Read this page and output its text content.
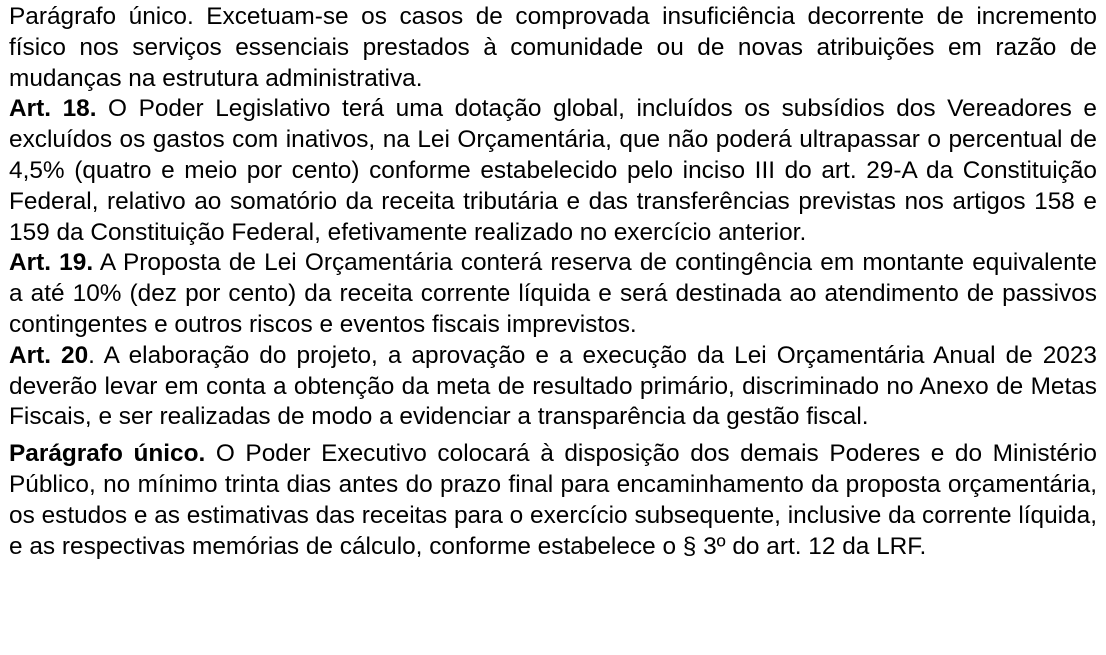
Parágrafo único. Excetuam-se os casos de comprovada insuficiência decorrente de incremento físico nos serviços essenciais prestados à comunidade ou de novas atribuições em razão de mudanças na estrutura administrativa.

Art. 18. O Poder Legislativo terá uma dotação global, incluídos os subsídios dos Vereadores e excluídos os gastos com inativos, na Lei Orçamentária, que não poderá ultrapassar o percentual de 4,5% (quatro e meio por cento) conforme estabelecido pelo inciso III do art. 29-A da Constituição Federal, relativo ao somatório da receita tributária e das transferências previstas nos artigos 158 e 159 da Constituição Federal, efetivamente realizado no exercício anterior.

Art. 19. A Proposta de Lei Orçamentária conterá reserva de contingência em montante equivalente a até 10% (dez por cento) da receita corrente líquida e será destinada ao atendimento de passivos contingentes e outros riscos e eventos fiscais imprevistos.

Art. 20. A elaboração do projeto, a aprovação e a execução da Lei Orçamentária Anual de 2023 deverão levar em conta a obtenção da meta de resultado primário, discriminado no Anexo de Metas Fiscais, e ser realizadas de modo a evidenciar a transparência da gestão fiscal.

Parágrafo único. O Poder Executivo colocará à disposição dos demais Poderes e do Ministério Público, no mínimo trinta dias antes do prazo final para encaminhamento da proposta orçamentária, os estudos e as estimativas das receitas para o exercício subsequente, inclusive da corrente líquida, e as respectivas memórias de cálculo, conforme estabelece o § 3º do art. 12 da LRF.
